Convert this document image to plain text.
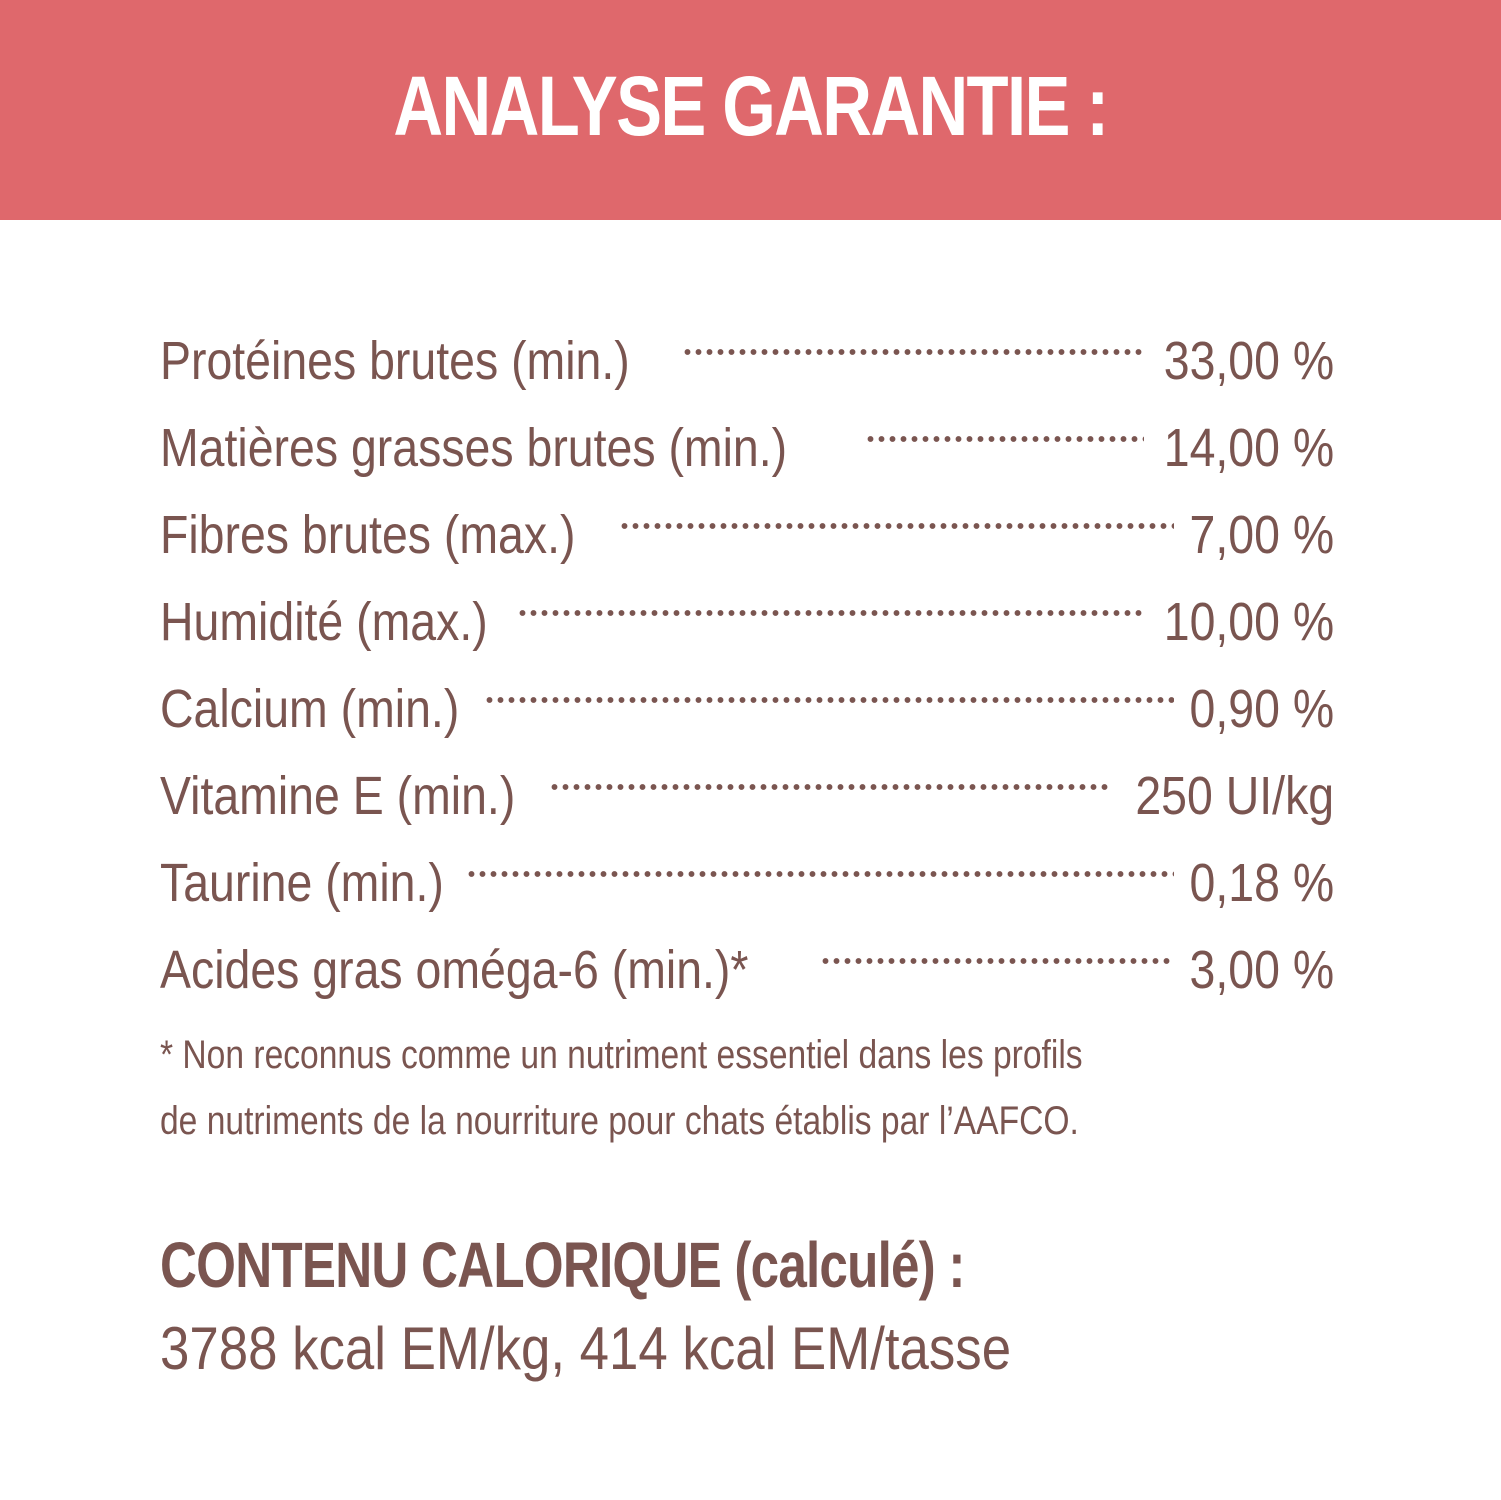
ANALYSE GARANTIE :
Protéines brutes (min.)	33,00 %
Matières grasses brutes (min.)	14,00 %
Fibres brutes (max.)	7,00 %
Humidité (max.)	10,00 %
Calcium (min.)	0,90 %
Vitamine E (min.)	250 UI/kg
Taurine (min.)	0,18 %
Acides gras oméga-6 (min.)*	3,00 %
* Non reconnus comme un nutriment essentiel dans les profils
de nutriments de la nourriture pour chats établis par l’AAFCO.
CONTENU CALORIQUE (calculé) :
3788 kcal EM/kg, 414 kcal EM/tasse
